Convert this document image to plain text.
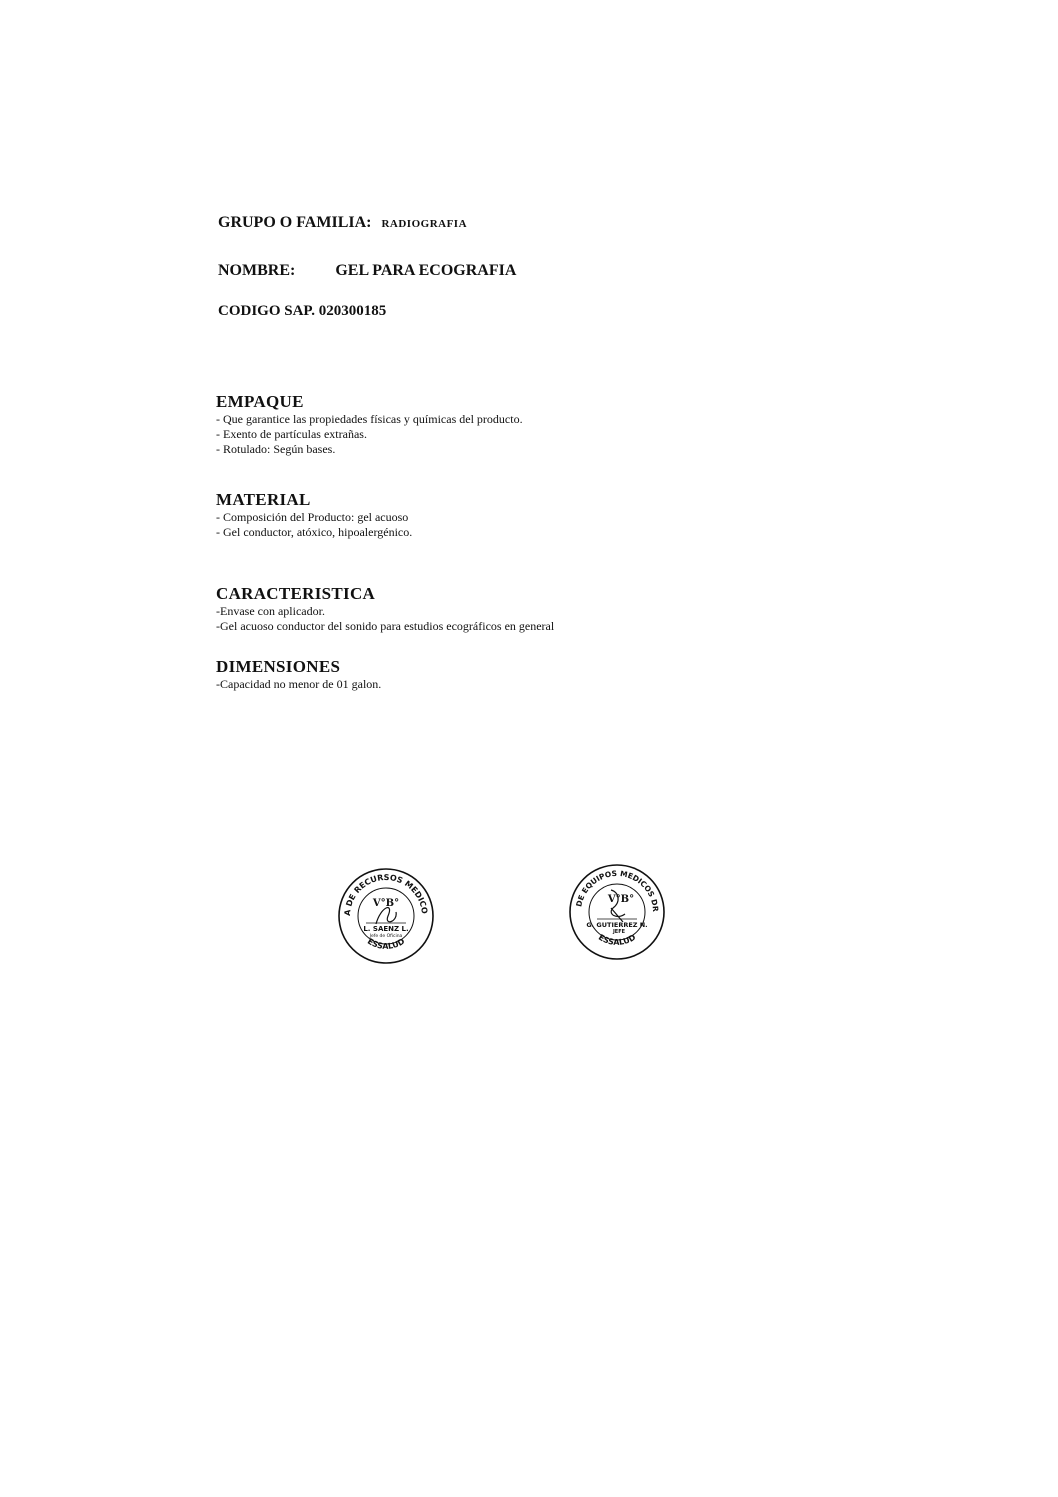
GRUPO O FAMILIA: RADIOGRAFIA
NOMBRE:	GEL PARA ECOGRAFIA
CODIGO SAP. 020300185
EMPAQUE
- Que garantice las propiedades físicas y químicas del producto.
- Exento de partículas extrañas.
- Rotulado: Según bases.
MATERIAL
- Composición del Producto: gel acuoso
- Gel conductor, atóxico, hipoalergénico.
CARACTERISTICA
-Envase con aplicador.
-Gel acuoso conductor del sonido para estudios ecográficos en general
DIMENSIONES
-Capacidad no menor de 01 galon.
OFICINA DE RECURSOS MEDICOS GCPS
ESSALUD
V°B°
L. SAENZ L.
Jefe de Oficina
OFICINA DE EQUIPOS MEDICOS DRM GCPS
ESSALUD
V°B°
G. GUTIERREZ N.
JEFE
